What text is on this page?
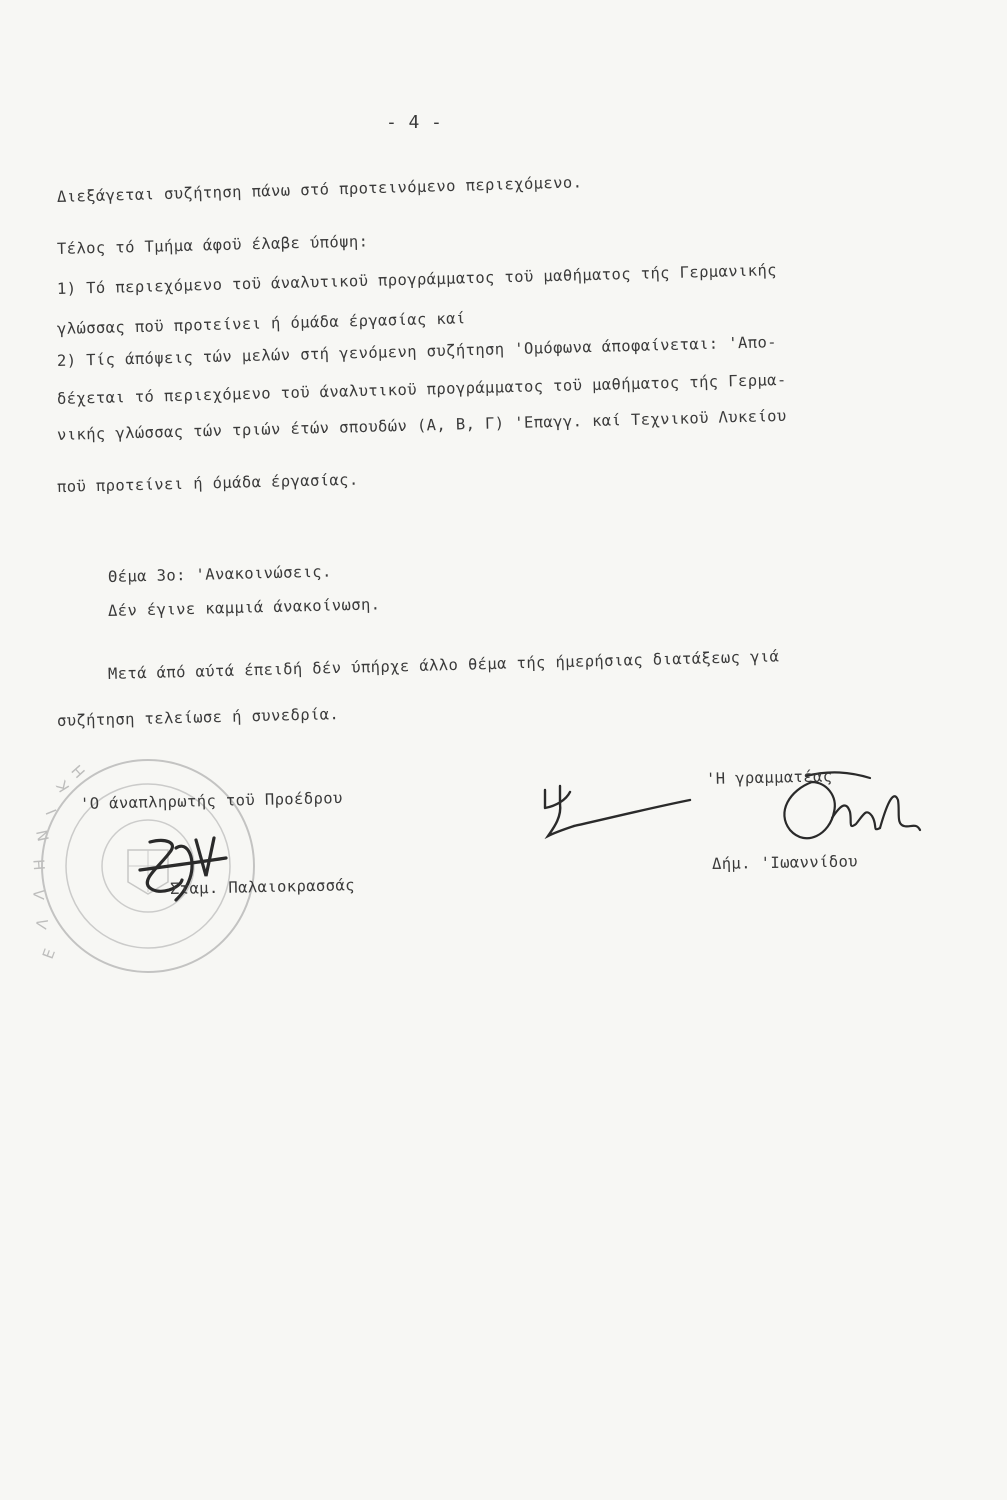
- 4 -
Διεξάγεται συζήτηση πάνω στό προτεινόμενο περιεχόμενο.
Τέλος τό Τμήμα άφοϋ έλαβε ύπόψη:
1) Τό περιεχόμενο τοϋ άναλυτικοϋ προγράμματος τοϋ μαθήματος τής Γερμανικής
γλώσσας ποϋ προτείνει ή όμάδα έργασίας καί
2) Τίς άπόψεις τών μελών στή γενόμενη συζήτηση 'Ομόφωνα άποφαίνεται: 'Απο-
δέχεται τό περιεχόμενο τοϋ άναλυτικοϋ προγράμματος τοϋ μαθήματος τής Γερμα-
νικής γλώσσας τών τριών έτών σπουδών (Α, Β, Γ) 'Επαγγ. καί Τεχνικοϋ Λυκείου
ποϋ προτείνει ή όμάδα έργασίας.
Θέμα 3ο: 'Ανακοινώσεις.
Δέν έγινε καμμιά άνακοίνωση.
Μετά άπό αύτά έπειδή δέν ύπήρχε άλλο θέμα τής ήμερήσιας διατάξεως γιά
συζήτηση τελείωσε ή συνεδρία.
Ε
Λ
Λ
Η
Ν
Ι
Κ
Η	'Η γραμματέας
'Ο άναπληρωτής τοϋ Προέδρου
Δήμ. 'Ιωαννίδου
Σταμ. Παλαιοκρασσάς
